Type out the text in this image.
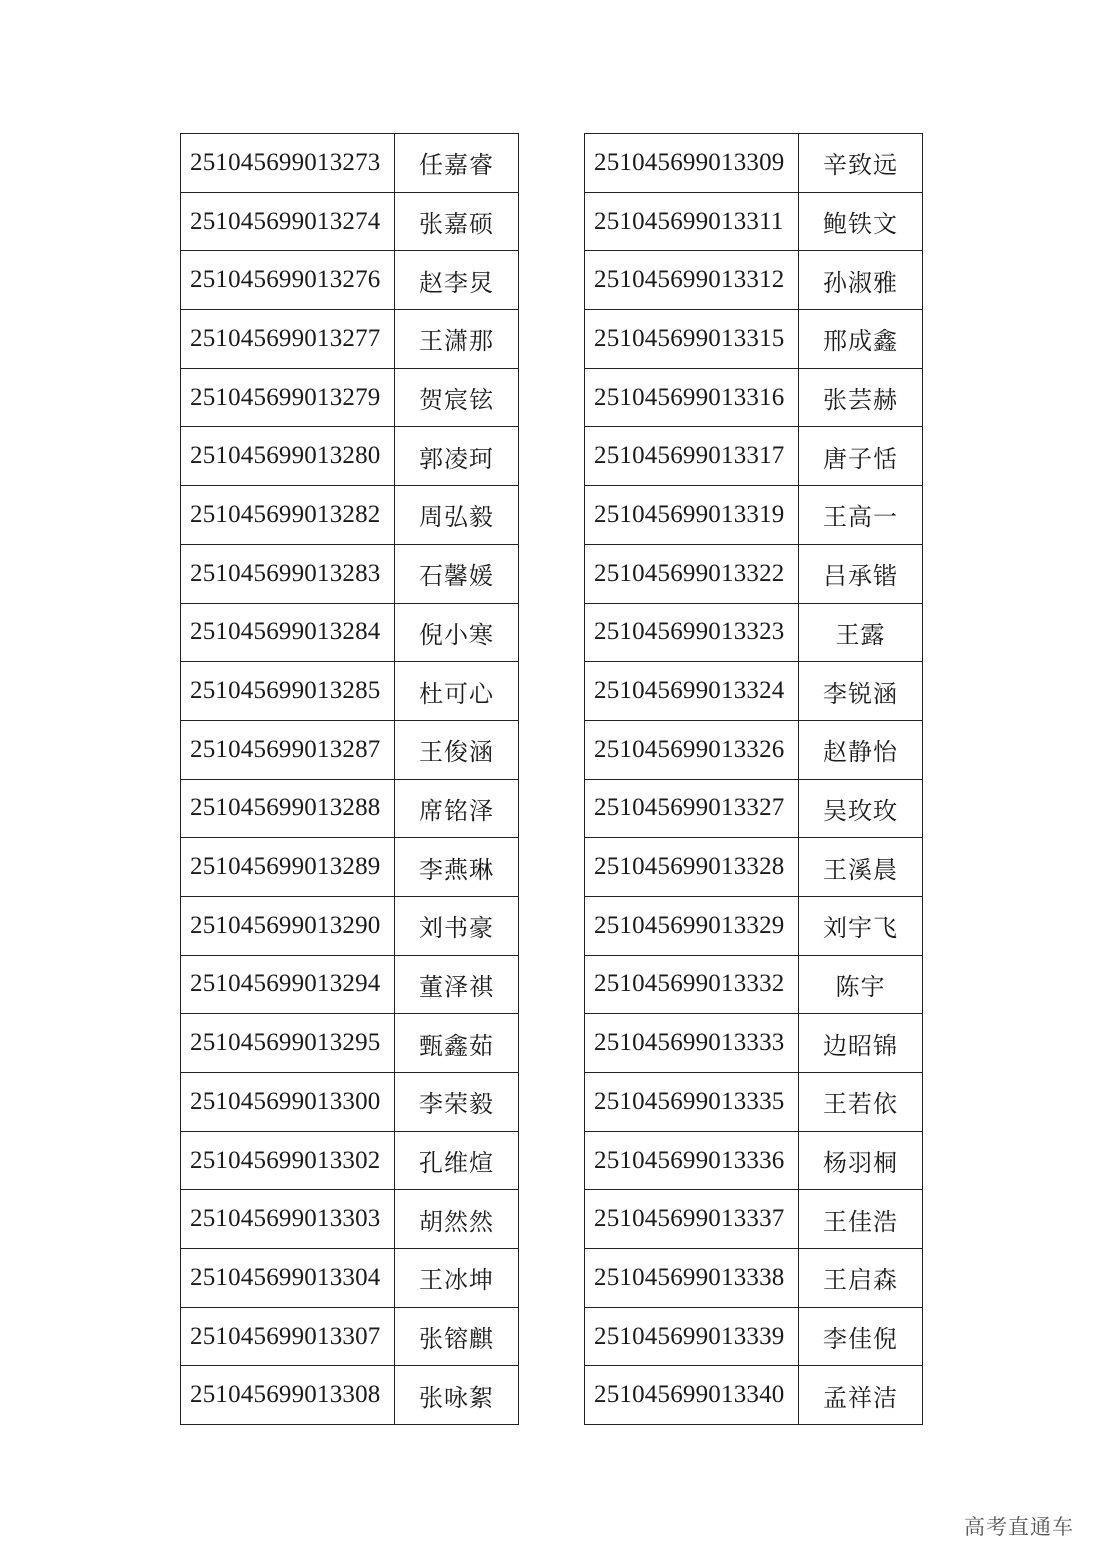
251045699013273	任嘉睿
251045699013274	张嘉硕
251045699013276	赵李炅
251045699013277	王潇那
251045699013279	贺宸铉
251045699013280	郭凌珂
251045699013282	周弘毅
251045699013283	石馨媛
251045699013284	倪小寒
251045699013285	杜可心
251045699013287	王俊涵
251045699013288	席铭泽
251045699013289	李燕琳
251045699013290	刘书豪
251045699013294	董泽祺
251045699013295	甄鑫茹
251045699013300	李荣毅
251045699013302	孔维煊
251045699013303	胡然然
251045699013304	王冰坤
251045699013307	张镕麒
251045699013308	张咏絮
251045699013309	辛致远
251045699013311	鲍铁文
251045699013312	孙淑雅
251045699013315	邢成鑫
251045699013316	张芸赫
251045699013317	唐子恬
251045699013319	王高一
251045699013322	吕承锴
251045699013323	王露
251045699013324	李锐涵
251045699013326	赵静怡
251045699013327	吴玫玫
251045699013328	王溪晨
251045699013329	刘宇飞
251045699013332	陈宇
251045699013333	边昭锦
251045699013335	王若依
251045699013336	杨羽桐
251045699013337	王佳浩
251045699013338	王启森
251045699013339	李佳倪
251045699013340	孟祥洁
高考直通车
